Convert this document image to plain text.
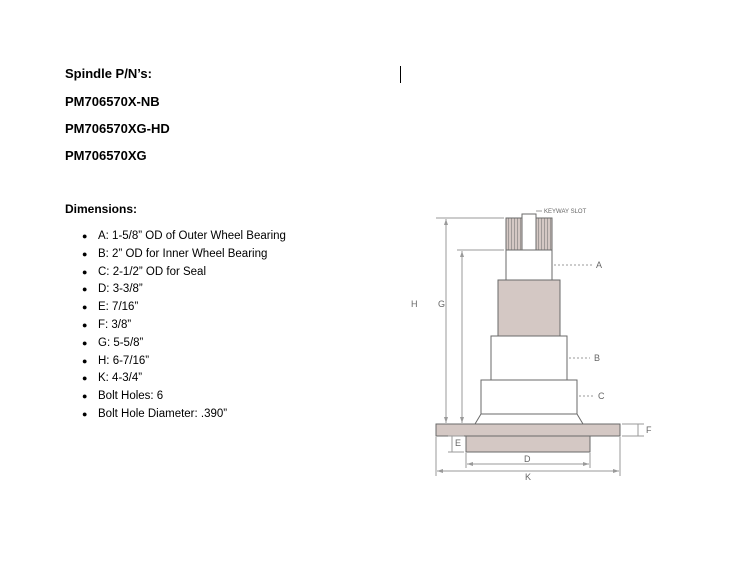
Spindle P/N’s:
PM706570X-NB
PM706570XG-HD
PM706570XG
Dimensions:
● A: 1-5/8” OD of Outer Wheel Bearing
● B: 2” OD for Inner Wheel Bearing
● C: 2-1/2” OD for Seal
● D: 3-3/8”
● E: 7/16”
● F: 3/8”
● G: 5-5/8”
● H: 6-7/16”
● K: 4-3/4”
● Bolt Holes: 6
● Bolt Hole Diameter: .390”
KEYWAY SLOT
A
B
C
H G
F
E
D
K
